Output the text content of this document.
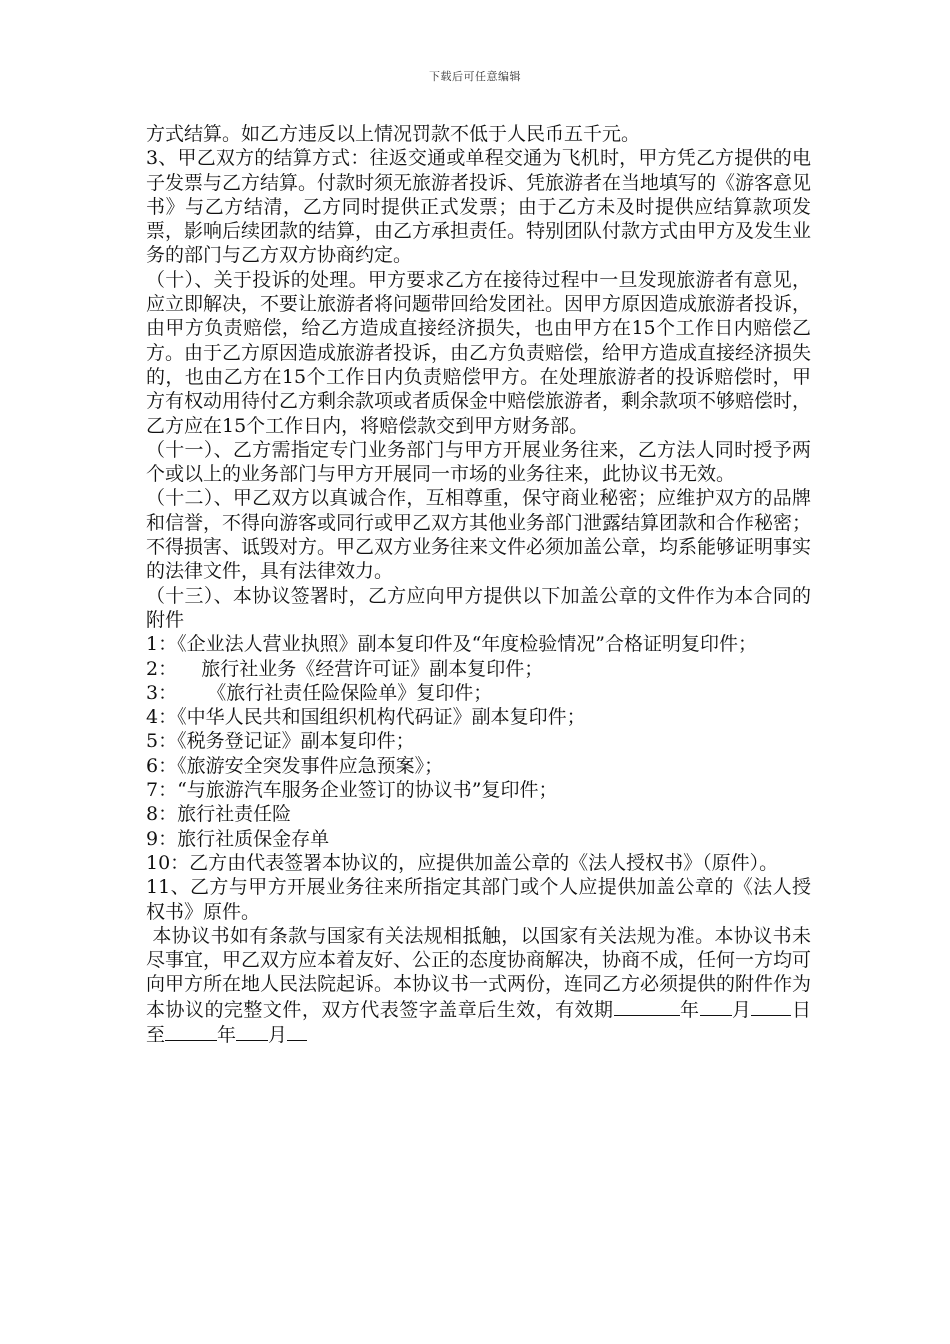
下载后可任意编辑

方式结算。如乙方违反以上情况罚款不低于人民币五千元。

3、甲乙双方的结算方式：往返交通或单程交通为飞机时，甲方凭乙方提供的电子发票与乙方结算。付款时须无旅游者投诉、凭旅游者在当地填写的《游客意见书》与乙方结清，乙方同时提供正式发票；由于乙方未及时提供应结算款项发票，影响后续团款的结算，由乙方承担责任。特别团队付款方式由甲方及发生业务的部门与乙方双方协商约定。

（十）、关于投诉的处理。甲方要求乙方在接待过程中一旦发现旅游者有意见，应立即解决，不要让旅游者将问题带回给发团社。因甲方原因造成旅游者投诉，由甲方负责赔偿，给乙方造成直接经济损失，也由甲方在15个工作日内赔偿乙方。由于乙方原因造成旅游者投诉，由乙方负责赔偿，给甲方造成直接经济损失的，也由乙方在15个工作日内负责赔偿甲方。在处理旅游者的投诉赔偿时，甲方有权动用待付乙方剩余款项或者质保金中赔偿旅游者，剩余款项不够赔偿时，乙方应在15个工作日内，将赔偿款交到甲方财务部。

（十一）、乙方需指定专门业务部门与甲方开展业务往来，乙方法人同时授予两个或以上的业务部门与甲方开展同一市场的业务往来，此协议书无效。

（十二）、甲乙双方以真诚合作，互相尊重，保守商业秘密；应维护双方的品牌和信誉，不得向游客或同行或甲乙双方其他业务部门泄露结算团款和合作秘密；不得损害、诋毁对方。甲乙双方业务往来文件必须加盖公章，均系能够证明事实的法律文件，具有法律效力。

（十三）、本协议签署时，乙方应向甲方提供以下加盖公章的文件作为本合同的附件

1：《企业法人营业执照》副本复印件及“年度检验情况”合格证明复印件；

2：    旅行社业务《经营许可证》副本复印件；

3：     《旅行社责任险保险单》复印件；

4：《中华人民共和国组织机构代码证》副本复印件；

5：《税务登记证》副本复印件；

6：《旅游安全突发事件应急预案》；

7：“与旅游汽车服务企业签订的协议书”复印件；

8：旅行社责任险

9：旅行社质保金存单

10：乙方由代表签署本协议的，应提供加盖公章的《法人授权书》（原件）。

11、乙方与甲方开展业务往来所指定其部门或个人应提供加盖公章的《法人授权书》原件。

本协议书如有条款与国家有关法规相抵触，以国家有关法规为准。本协议书未尽事宜，甲乙双方应本着友好、公正的态度协商解决，协商不成，任何一方均可向甲方所在地人民法院起诉。本协议书一式两份，连同乙方必须提供的附件作为本协议的完整文件，双方代表签字盖章后生效，有效期	年 月 日至	年 月
